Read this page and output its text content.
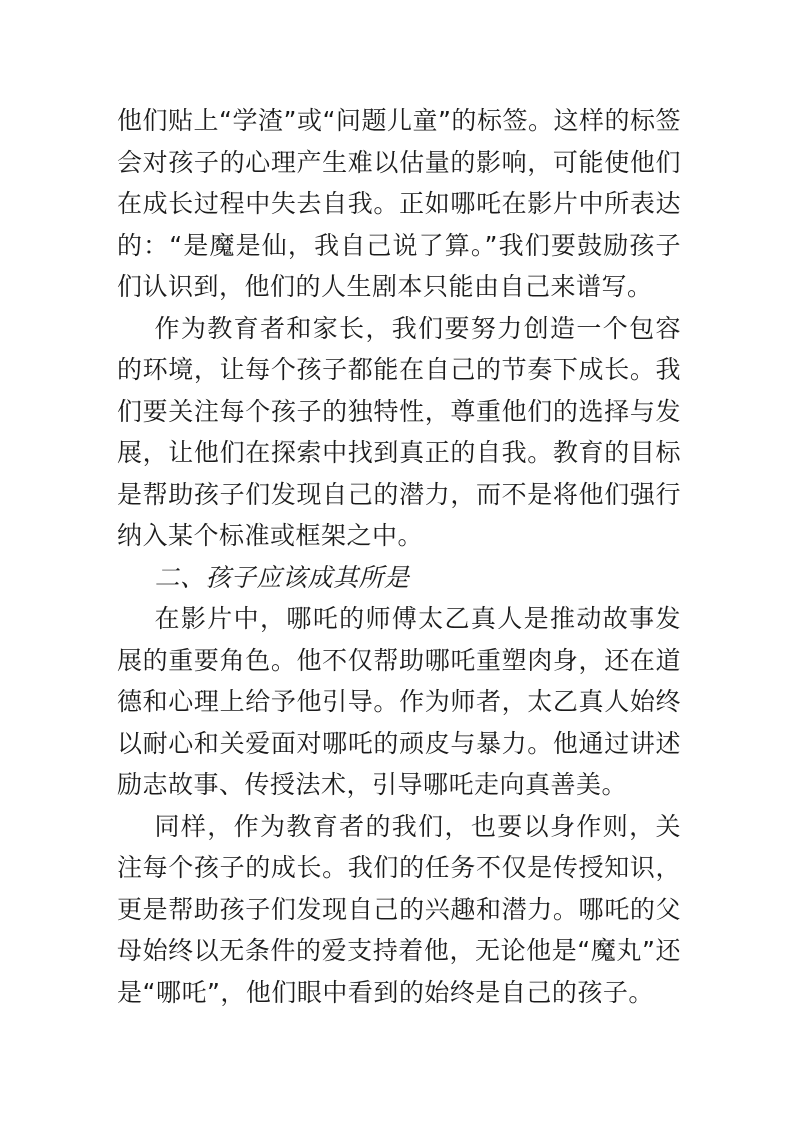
他们贴上“学渣”或“问题儿童”的标签。这样的标签会对孩子的心理产生难以估量的影响，可能使他们在成长过程中失去自我。正如哪吒在影片中所表达的：“是魔是仙，我自己说了算。”我们要鼓励孩子们认识到，他们的人生剧本只能由自己来谱写。

作为教育者和家长，我们要努力创造一个包容的环境，让每个孩子都能在自己的节奏下成长。我们要关注每个孩子的独特性，尊重他们的选择与发展，让他们在探索中找到真正的自我。教育的目标是帮助孩子们发现自己的潜力，而不是将他们强行纳入某个标准或框架之中。

二、孩子应该成其所是

在影片中，哪吒的师傅太乙真人是推动故事发展的重要角色。他不仅帮助哪吒重塑肉身，还在道德和心理上给予他引导。作为师者，太乙真人始终以耐心和关爱面对哪吒的顽皮与暴力。他通过讲述励志故事、传授法术，引导哪吒走向真善美。

同样，作为教育者的我们，也要以身作则，关注每个孩子的成长。我们的任务不仅是传授知识，更是帮助孩子们发现自己的兴趣和潜力。哪吒的父母始终以无条件的爱支持着他，无论他是“魔丸”还是“哪吒”，他们眼中看到的始终是自己的孩子。
